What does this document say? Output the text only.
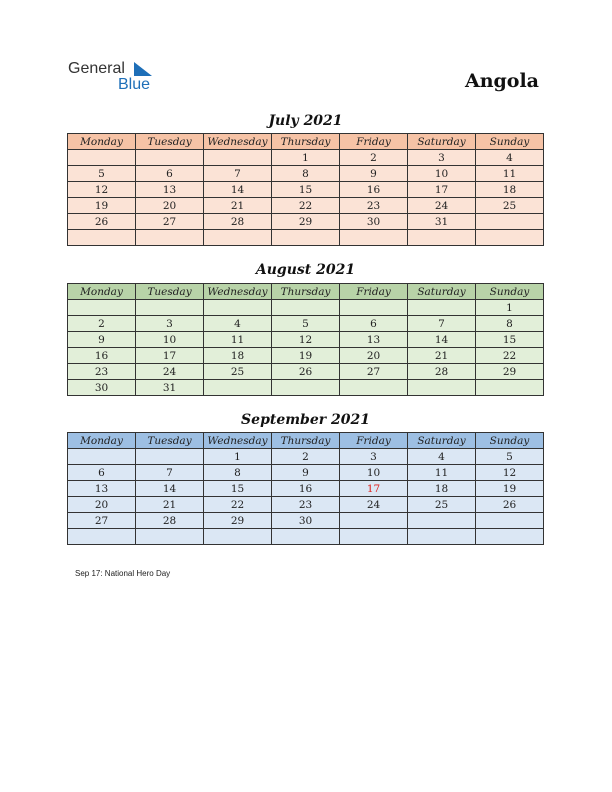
General
Blue	Angola
July 2021
Monday	Tuesday	Wednesday	Thursday	Friday	Saturday	Sunday
			1	2	3	4
5	6	7	8	9	10	11
12	13	14	15	16	17	18
19	20	21	22	23	24	25
26	27	28	29	30	31	

August 2021
Monday	Tuesday	Wednesday	Thursday	Friday	Saturday	Sunday
						1
2	3	4	5	6	7	8
9	10	11	12	13	14	15
16	17	18	19	20	21	22
23	24	25	26	27	28	29
30	31					
September 2021
Monday	Tuesday	Wednesday	Thursday	Friday	Saturday	Sunday
		1	2	3	4	5
6	7	8	9	10	11	12
13	14	15	16	17	18	19
20	21	22	23	24	25	26
27	28	29	30			

Sep 17: National Hero Day
